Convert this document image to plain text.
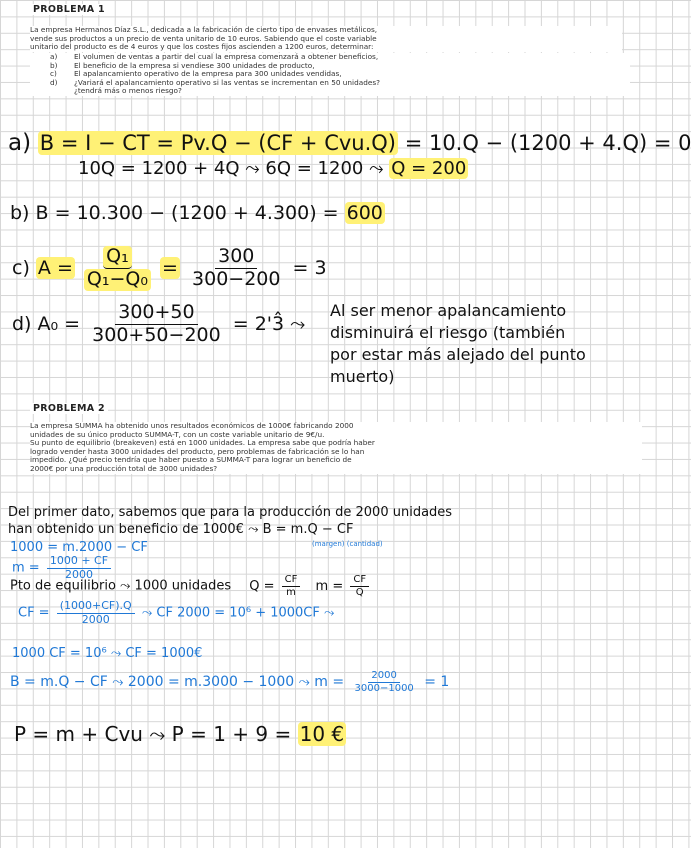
PROBLEMA 1

La empresa Hermanos Díaz S.L., dedicada a la fabricación de cierto tipo de envases metálicos,

vende sus productos a un precio de venta unitario de 10 euros. Sabiendo que el coste variable

unitario del producto es de 4 euros y que los costes fijos ascienden a 1200 euros, determinar:

a)	El volumen de ventas a partir del cual la empresa comenzará a obtener beneficios,
b)	El beneficio de la empresa si vendiese 300 unidades de producto,
c)	El apalancamiento operativo de la empresa para 300 unidades vendidas,
d)	¿Variará el apalancamiento operativo si las ventas se incrementan en 50 unidades?
¿tendrá más o menos riesgo?
a) B = I − CT = Pv.Q − (CF + Cvu.Q) = 10.Q − (1200 + 4.Q) = 0
10Q = 1200 + 4Q ⤳ 6Q = 1200 ⤳ Q = 200
b) B = 10.300 − (1200 + 4.300) = 600
c) $A = \frac{\text{Q₁}}{\text{Q₁−Q₀}} = \frac{300}{300-200} = 3$
d) $A_0 = \frac{300+50}{300+50-200}$ = 2'3̂ ⤳
Al ser menor apalancamiento
disminuirá el riesgo (también
por estar más alejado del punto
muerto)
PROBLEMA 2

La empresa SUMMA ha obtenido unos resultados económicos de 1000€ fabricando 2000

unidades de su único producto SUMMA-T, con un coste variable unitario de 9€/u.

Su punto de equilibrio (breakeven) está en 1000 unidades. La empresa sabe que podría haber

logrado vender hasta 3000 unidades del producto, pero problemas de fabricación se lo han

impedido. ¿Qué precio tendría que haber puesto a SUMMA-T para lograr un beneficio de

2000€ por una producción total de 3000 unidades?

Del primer dato, sabemos que para la producción de 2000 unidades
han obtenido un beneficio de 1000€ ⤳ B = m.Q − CF
(margen) (cantidad)
1000 = m.2000 − CF
$m = \frac{1000 + CF}{2000}$
Pto de equilibrio ⤳ 1000 unidades $Q = \frac{CF}{m}$ $m = \frac{CF}{Q}$
CF = $\frac{(1000+CF).Q}{2000}$ ⤳ CF 2000 = 10⁶ + 1000CF ⤳
1000 CF = 10⁶ ⤳ CF = 1000€
B = m.Q − CF ⤳ 2000 = m.3000 − 1000 ⤳ $m = \frac{2000}{3000-1000} = 1$
P = m + Cvu ⤳ P = 1 + 9 = 10 €
